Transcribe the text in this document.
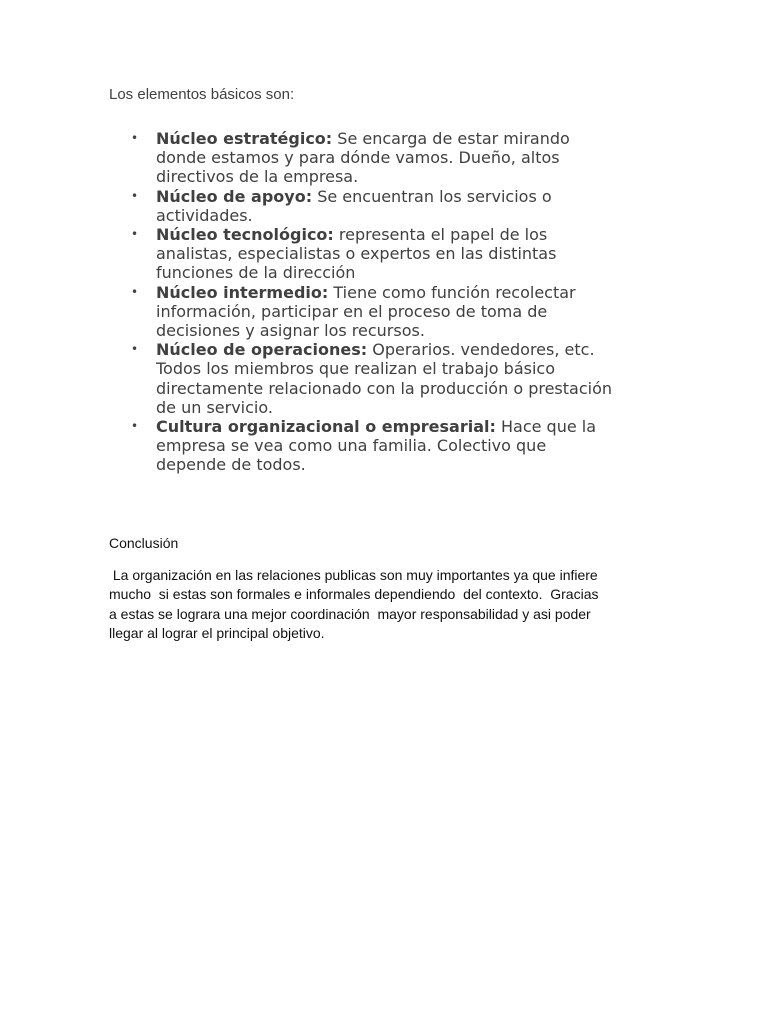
Los elementos básicos son:

• Núcleo estratégico: Se encarga de estar mirando
donde estamos y para dónde vamos. Dueño, altos
directivos de la empresa.
• Núcleo de apoyo: Se encuentran los servicios o
actividades.
• Núcleo tecnológico: representa el papel de los
analistas, especialistas o expertos en las distintas
funciones de la dirección
• Núcleo intermedio: Tiene como función recolectar
información, participar en el proceso de toma de
decisiones y asignar los recursos.
• Núcleo de operaciones: Operarios. vendedores, etc.
Todos los miembros que realizan el trabajo básico
directamente relacionado con la producción o prestación
de un servicio.
• Cultura organizacional o empresarial: Hace que la
empresa se vea como una familia. Colectivo que
depende de todos.
Conclusión

La organización en las relaciones publicas son muy importantes ya que infiere
mucho  si estas son formales e informales dependiendo  del contexto.  Gracias
a estas se lograra una mejor coordinación  mayor responsabilidad y asi poder
llegar al lograr el principal objetivo.
